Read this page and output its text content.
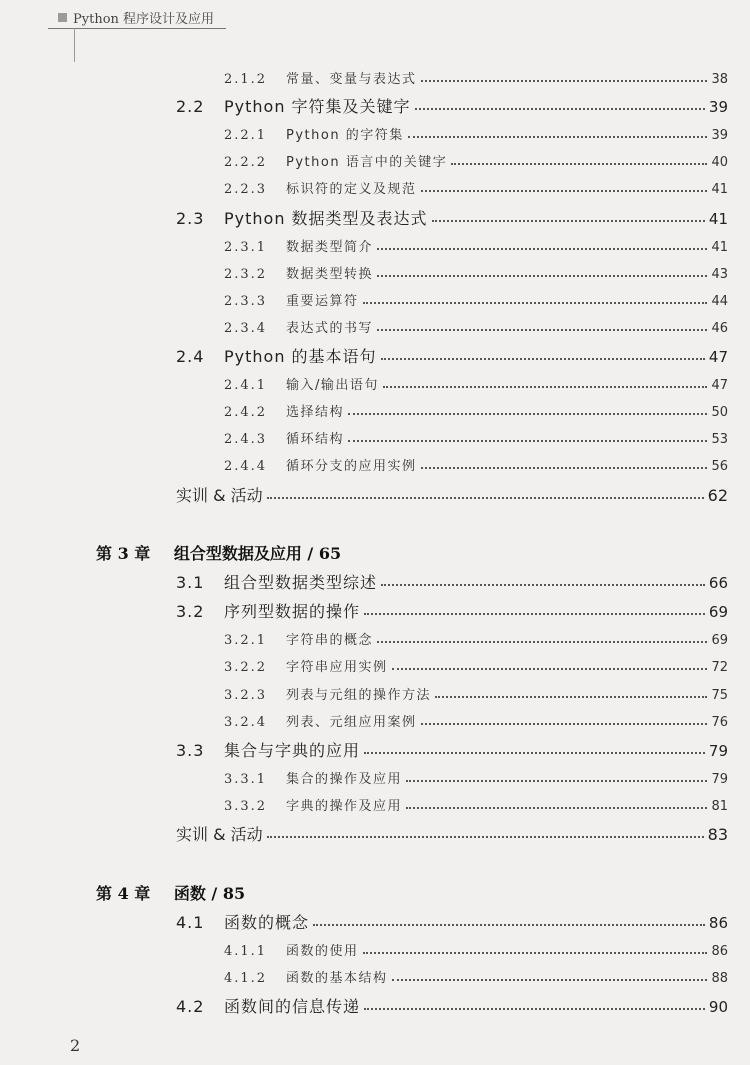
Python 程序设计及应用
2.1.2	常量、变量与表达式	38
2.2	Python 字符集及关键字	39
2.2.1	Python 的字符集	39
2.2.2	Python 语言中的关键字	40
2.2.3	标识符的定义及规范	41
2.3	Python 数据类型及表达式	41
2.3.1	数据类型简介	41
2.3.2	数据类型转换	43
2.3.3	重要运算符	44
2.3.4	表达式的书写	46
2.4	Python 的基本语句	47
2.4.1	输入/输出语句	47
2.4.2	选择结构	50
2.4.3	循环结构	53
2.4.4	循环分支的应用实例	56
实训 & 活动	62
第 3 章 组合型数据及应用 / 65
3.1	组合型数据类型综述	66
3.2	序列型数据的操作	69
3.2.1	字符串的概念	69
3.2.2	字符串应用实例	72
3.2.3	列表与元组的操作方法	75
3.2.4	列表、元组应用案例	76
3.3	集合与字典的应用	79
3.3.1	集合的操作及应用	79
3.3.2	字典的操作及应用	81
实训 & 活动	83
第 4 章 函数 / 85
4.1	函数的概念	86
4.1.1	函数的使用	86
4.1.2	函数的基本结构	88
4.2	函数间的信息传递	90
2
